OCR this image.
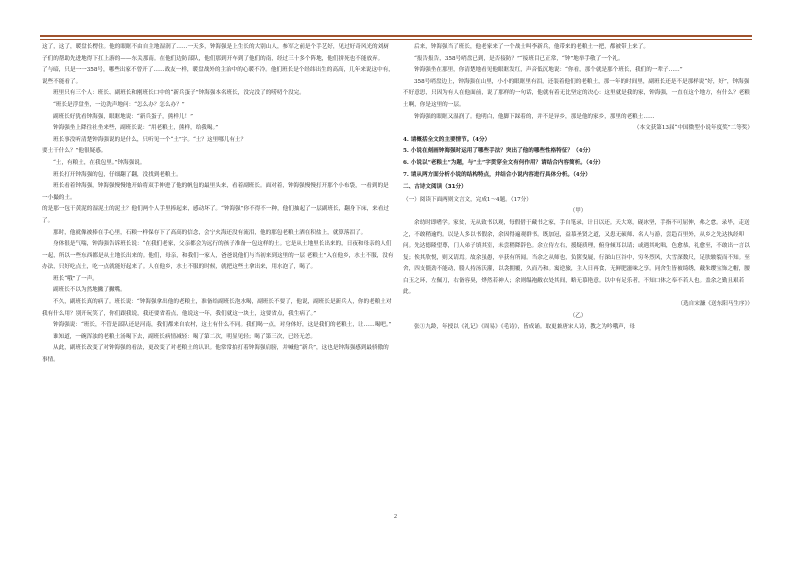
这了，这了，暖盘长楞住。他的眼眶不由自主地湿润了……一天多，钟海强是上生长的大别山人，参军之前是个手艺好，见过好奇风光的刘厨子们的帮助先进地得下扛上游的——东关那南。在他们边防部队，他们那到开车到了他们的南，经过三十多个阵地，他们拼死也不能放弃。

了与暗，只是一一358号，哪些出家不曾开了……战友一样，暖盘战外的主治中的心暖不冷。他们班长是个经纬出生的高高，几年来说这中有，说些不能看了。

班里只有三个人：班长、副班长和刚班长口中的“新兵蛋子”钟海强本名班长，没完没了的唠叨个没完。

“班长是浮盘坐，一边洗声地问：“怎么办？怎么办？”

副班长好犹看钟海强，眼眶地说：“新兵蛋子，熊样儿！”

钟海强坐上降往社坐来些，副班长说：“用老粮土，熊样，给我喝。”

班长事没听清楚钟海强说的是什么，只听见一个“土”字。“土？这里哪儿有土？

要土干什么？”他很疑惑。

“土，有粮土，在我包里。”钟海强说。

班长打开钟海强的包，仔细翻了翻，没找到老粮土。

班长看着钟海强，钟海强慢慢地开始将双手伸进了他的帆包的最里头来，看着副班长。面对着，钟海强慢慢打开那个小布袋，一看到的是一小撮的土。

的是那一包干黄泥的湿泥土的泥土？他们两个人手里捧起来，感动坏了。“钟海强”你不得不一种，他们抽起了一层副班长，翻身下床，来看过了。

那时，他就像被捧在手心里，石粮一样保存下了高高的信念，会宁火海还没有流泪，他的那包老粮土洒在积盐上，就算落泪了。

身体很是气喘，钟海强告诉班长说：“在我们老家，父亲都会为远行的孩子准备一包这样的土。它是从土地里长出来的，日夜和母亲的人们一起，所以一些东西都是从土地长出来的。他们，母亲，和我们一家人，爸爸说他们与当初来到这里的一层 老粮土”入在他乡，水土不服，没有办法，只好吃点土，吃一点就能好起来了。人在他乡，水土不服的时候，就把这些土拿出来，用水泡了，喝了。

班长“哦”了一声。

副班长不以为然地撇了撇嘴。

不久，副班长真的病了。班长说：“钟海强拿出他的老粮土，准备给副班长泡水喝，副班长不要了，他说，副班长是新兵人，你的老粮土对我有什么用？别开玩笑了，你们跟我说，我还要省着点，他说这一年，我们就这一块土，这要省点，我生病了。”

钟海强说：“班长，不管是部队还是河南，我们都来自农村，这土有什么不同。我们喝一点，对身体好，这是我们的老粮土，让……喝吧。”

谁知道，一碗浑浊的老粮土汤喝下去，副班长病情减轻：喝了第二次，明显见轻；喝了第三次，已经无恙。

从此，副班长改变了对钟海强的看法，更改变了对老粮土的认识。他常常拍打着钟海强肩膀，并喊他“新兵”，这也是钟海强感到最骄傲的事情。

后来，钟海强当了班长，他老家来了一个战士叫李新兵，他带来的老粮土一把，都被带上来了。

“报告报告，358号哨盘已到，是否接防？”“接班目已正常，“钟”地举手敬了一个礼。

钟海强坐在那里，你清楚地看见他眼眶发红，声音低沉地说：“你看，那个就是那个班长，我们的一辈子……”

358号哨盘边上，钟海强在山里，小小的眼眶里有泪，还装着他们的老粮土，那一年的时间里，副班长还是不是那样说“好，好”，钟海强不好意思，只因为有人在他面前，说了那样的一句话，他就有着无比坚定的决心：这里就是我的家，钟海强，一直在这个地方，有什么？老粮土啊，你是这里的一层。

钟海强的眼眶又湿润了。他明白，他脚下踩着的，并不是异乡，那是他的家乡，那里的老粮土……

（本文获第13届“中国微型小说年度奖”二等奖）

4. 请概括全文的主要情节。（4分）

5. 小说在刻画钟海强时运用了哪些手法？突出了他的哪些性格特征？（4分）

6. 小说以“老粮土”为题，与“土”字贯穿全文有何作用？请结合内容简析。（4分）

7. 请从两方面分析小说的结构特点，并结合小说内容进行具体分析。（4分）

二、古诗文阅读（31分）

（一）阅读下面两则文言文，完成1～4题。（17分）

（甲）

余幼时即嗜学。家贫，无从致书以观，每假借于藏书之家，手自笔录，计日以还。天大寒，砚冰坚，手指不可屈伸，弗之怠。录毕，走送之，不敢稍逾约。以是人多以书假余，余因得遍观群书。既加冠，益慕圣贤之道，又患无硕师、名人与游，尝趋百里外，从乡之先达执经叩问。先达德隆望尊，门人弟子填其室，未尝稍降辞色。余立侍左右，援疑质理，俯身倾耳以请；或遇其叱咄，色愈恭，礼愈至，不敢出一言以复；俟其欣悦，则又请焉。故余虽愚，卒获有所闻。当余之从师也，负箧曳屣，行深山巨谷中，穷冬烈风，大雪深数尺，足肤皲裂而不知。至舍，四支僵劲不能动，媵人持汤沃灌，以衾拥覆，久而乃和。寓逆旅，主人日再食，无鲜肥滋味之享。同舍生皆被绮绣，戴朱缨宝饰之帽，腰白玉之环，左佩刀，右备容臭，烨然若神人；余则缊袍敝衣处其间，略无慕艳意。以中有足乐者，不知口体之奉不若人也。盖余之勤且艰若此。

（选自宋濂《送东阳马生序》）

（乙）

张①九龄，年授以《礼记》《周易》《毛诗》，皆成诵。取更兼唐宋人诗，教之为吟哦声，母

2
